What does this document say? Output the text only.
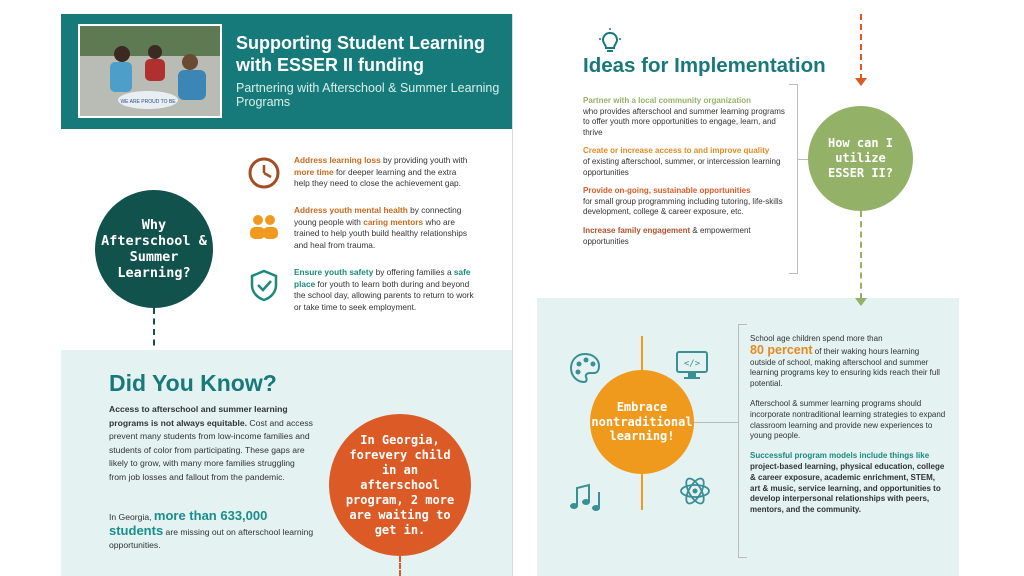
WE ARE PROUD TO BE
Supporting Student Learning with ESSER II funding
Partnering with Afterschool & Summer Learning Programs
Why Afterschool & Summer Learning?
Address learning loss by providing youth with more time for deeper learning and the extra help they need to close the achievement gap.
Address youth mental health by connecting young people with caring mentors who are trained to help youth build healthy relationships and heal from trauma.
Ensure youth safety by offering families a safe place for youth to learn both during and beyond the school day, allowing parents to return to work or take time to seek employment.
Did You Know?
Access to afterschool and summer learning programs is not always equitable. Cost and access prevent many students from low-income families and students of color from participating. These gaps are likely to grow, with many more families struggling from job losses and fallout from the pandemic.
In Georgia, more than 633,000 students are missing out on afterschool learning opportunities.
In Georgia, forevery child in an afterschool program, 2 more are waiting to get in.
Ideas for Implementation
Partner with a local community organization
who provides afterschool and summer learning programs to offer youth more opportunities to engage, learn, and thrive
Create or increase access to and improve quality
of existing afterschool, summer, or intercession learning opportunities
Provide on-going, sustainable opportunities
for small group programming including tutoring, life-skills development, college & career exposure, etc.
Increase family engagement & empowerment opportunities
How can I utilize ESSER II?
</>
Embrace nontraditional learning!
School age children spend more than
80 percent of their waking hours learning outside of school, making afterschool and summer learning programs key to ensuring kids reach their full potential.
Afterschool & summer learning programs should incorporate nontraditional learning strategies to expand classroom learning and provide new experiences to young people.
Successful program models include things like
project-based learning, physical education, college & career exposure, academic enrichment, STEM, art & music, service learning, and opportunities to develop interpersonal relationships with peers, mentors, and the community.
